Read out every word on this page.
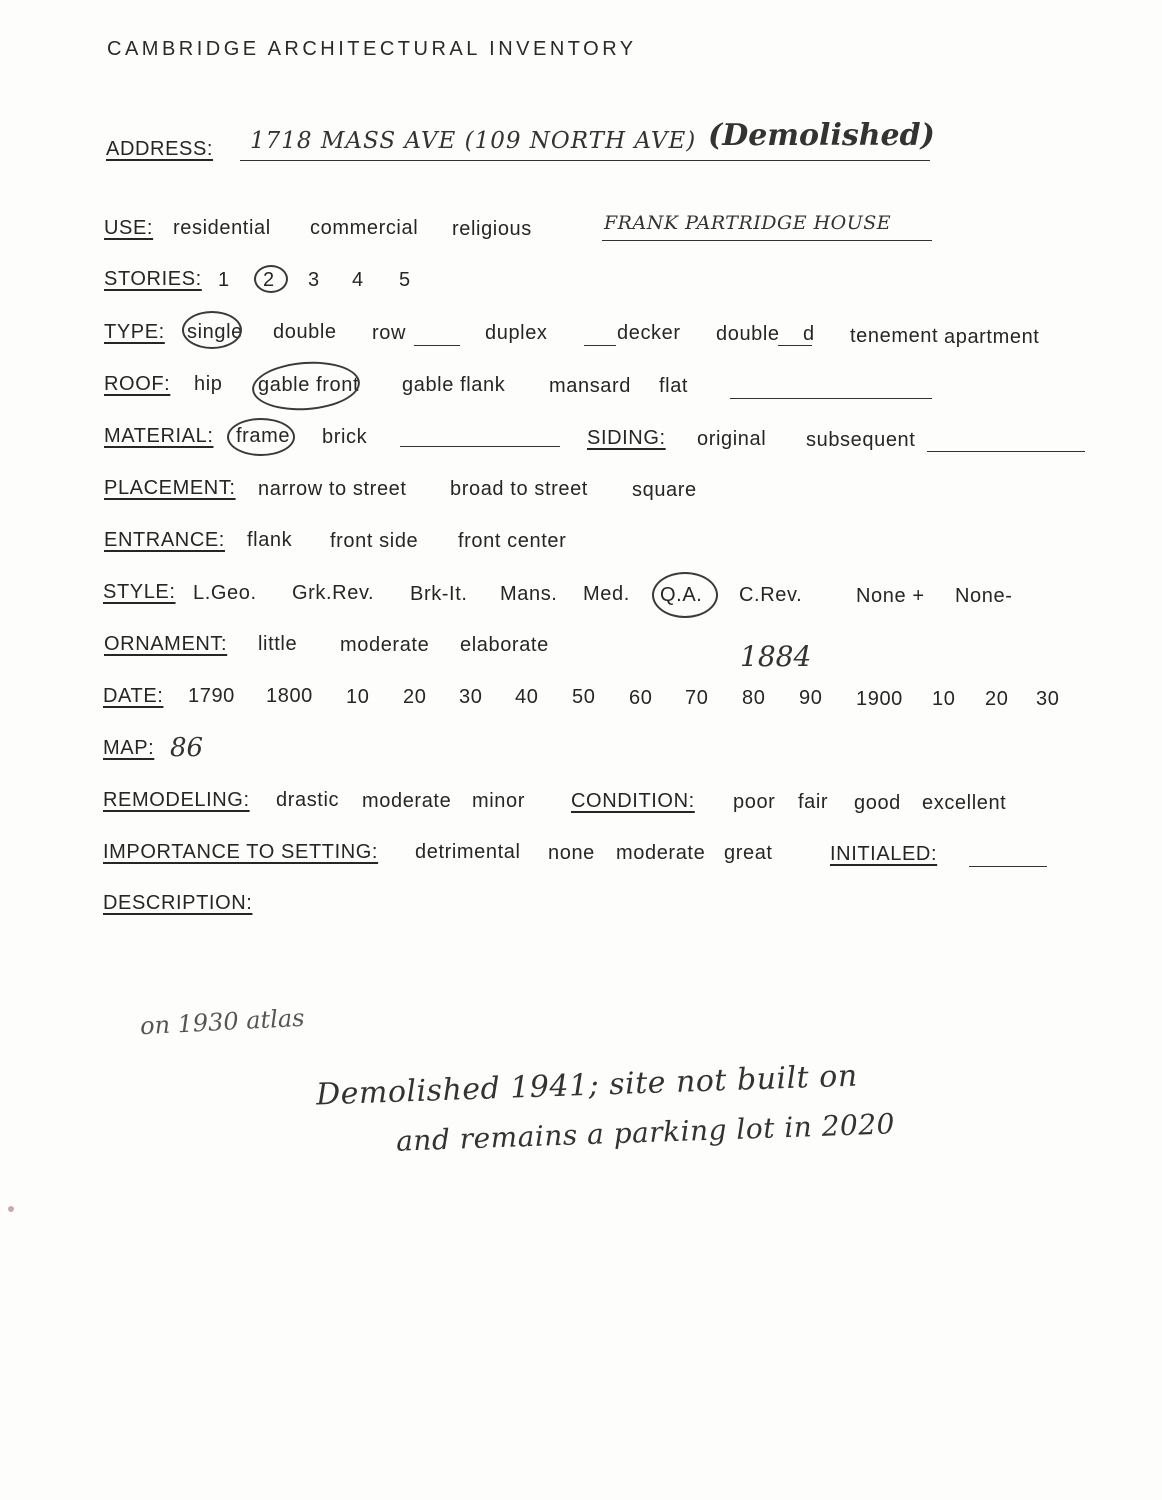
CAMBRIDGE ARCHITECTURAL INVENTORY
ADDRESS: 1718 MASS AVE (109 NORTH AVE) (Demolished)
USE: residential commercial religious	FRANK PARTRIDGE HOUSE
STORIES: 1 2 3 4 5
TYPE: single double row	duplex	decker double d tenement apartment
ROOF: hip gable front gable flank mansard flat
MATERIAL: frame brick	SIDING: original subsequent
PLACEMENT: narrow to street broad to street square
ENTRANCE: flank front side front center
STYLE: L.Geo. Grk.Rev. Brk-It. Mans. Med. Q.A. C.Rev.	None + None-
ORNAMENT: little moderate elaborate	1884
DATE: 1790 1800 10 20 30 40 50 60 70 80 90 1900 10 20 30
MAP: 86
REMODELING: drastic moderate minor CONDITION: poor fair good excellent
IMPORTANCE TO SETTING: detrimental none moderate great	INITIALED:
DESCRIPTION:
on 1930 atlas
Demolished 1941; site not built on
and remains a parking lot in 2020
